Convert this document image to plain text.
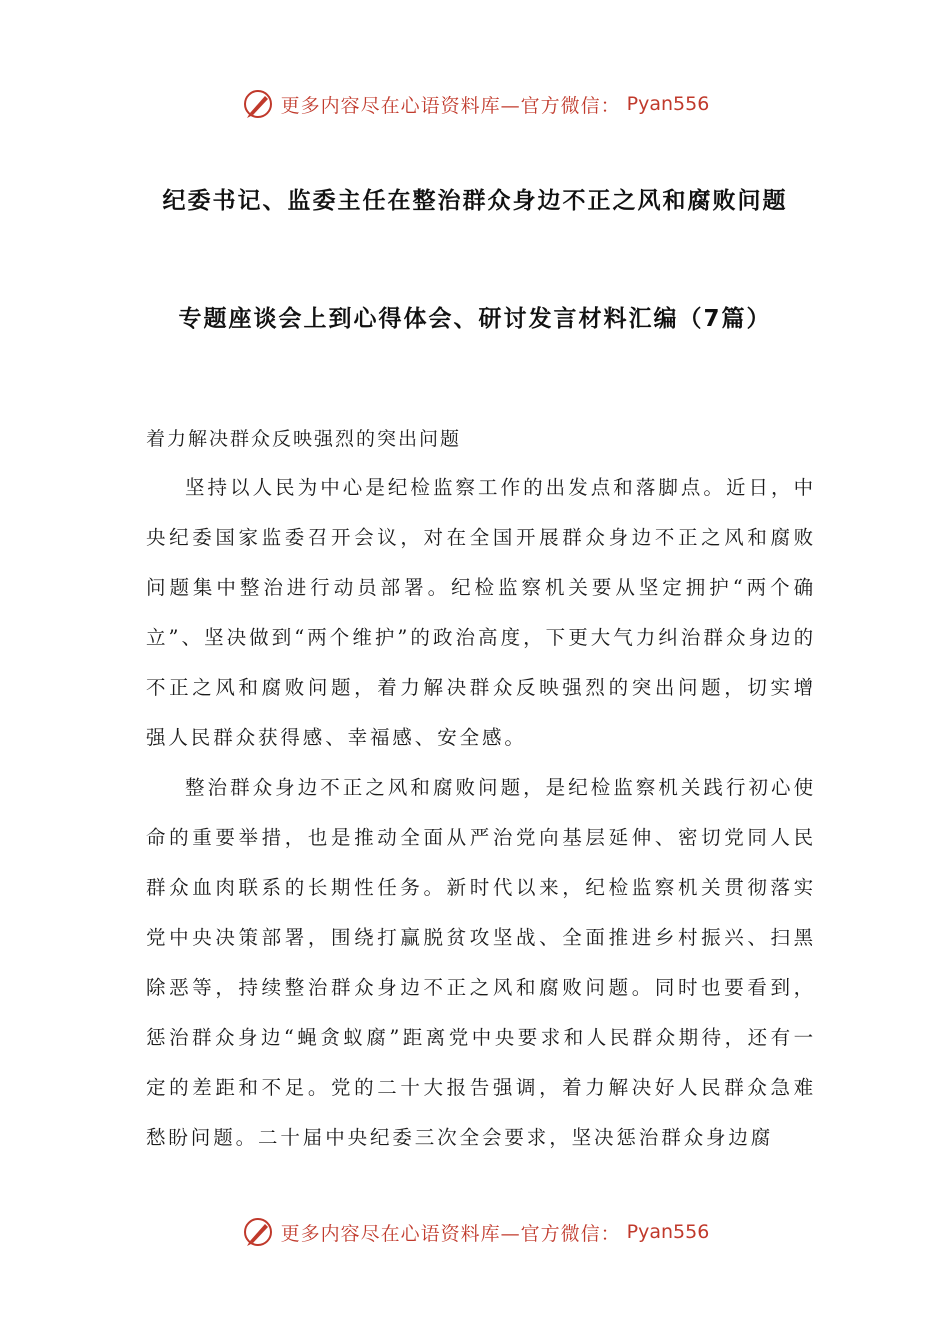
更多内容尽在心语资料库—官方微信： Pyan556
纪委书记、监委主任在整治群众身边不正之风和腐败问题
专题座谈会上到心得体会、研讨发言材料汇编（7篇）
着力解决群众反映强烈的突出问题

坚持以人民为中心是纪检监察工作的出发点和落脚点。近日，中央纪委国家监委召开会议，对在全国开展群众身边不正之风和腐败问题集中整治进行动员部署。纪检监察机关要从坚定拥护“两个确立”、坚决做到“两个维护”的政治高度，下更大气力纠治群众身边的不正之风和腐败问题，着力解决群众反映强烈的突出问题，切实增强人民群众获得感、幸福感、安全感。

整治群众身边不正之风和腐败问题，是纪检监察机关践行初心使命的重要举措，也是推动全面从严治党向基层延伸、密切党同人民群众血肉联系的长期性任务。新时代以来，纪检监察机关贯彻落实党中央决策部署，围绕打赢脱贫攻坚战、全面推进乡村振兴、扫黑除恶等，持续整治群众身边不正之风和腐败问题。同时也要看到，惩治群众身边“蝇贪蚁腐”距离党中央要求和人民群众期待，还有一定的差距和不足。党的二十大报告强调，着力解决好人民群众急难愁盼问题。二十届中央纪委三次全会要求，坚决惩治群众身边腐

更多内容尽在心语资料库—官方微信： Pyan556
